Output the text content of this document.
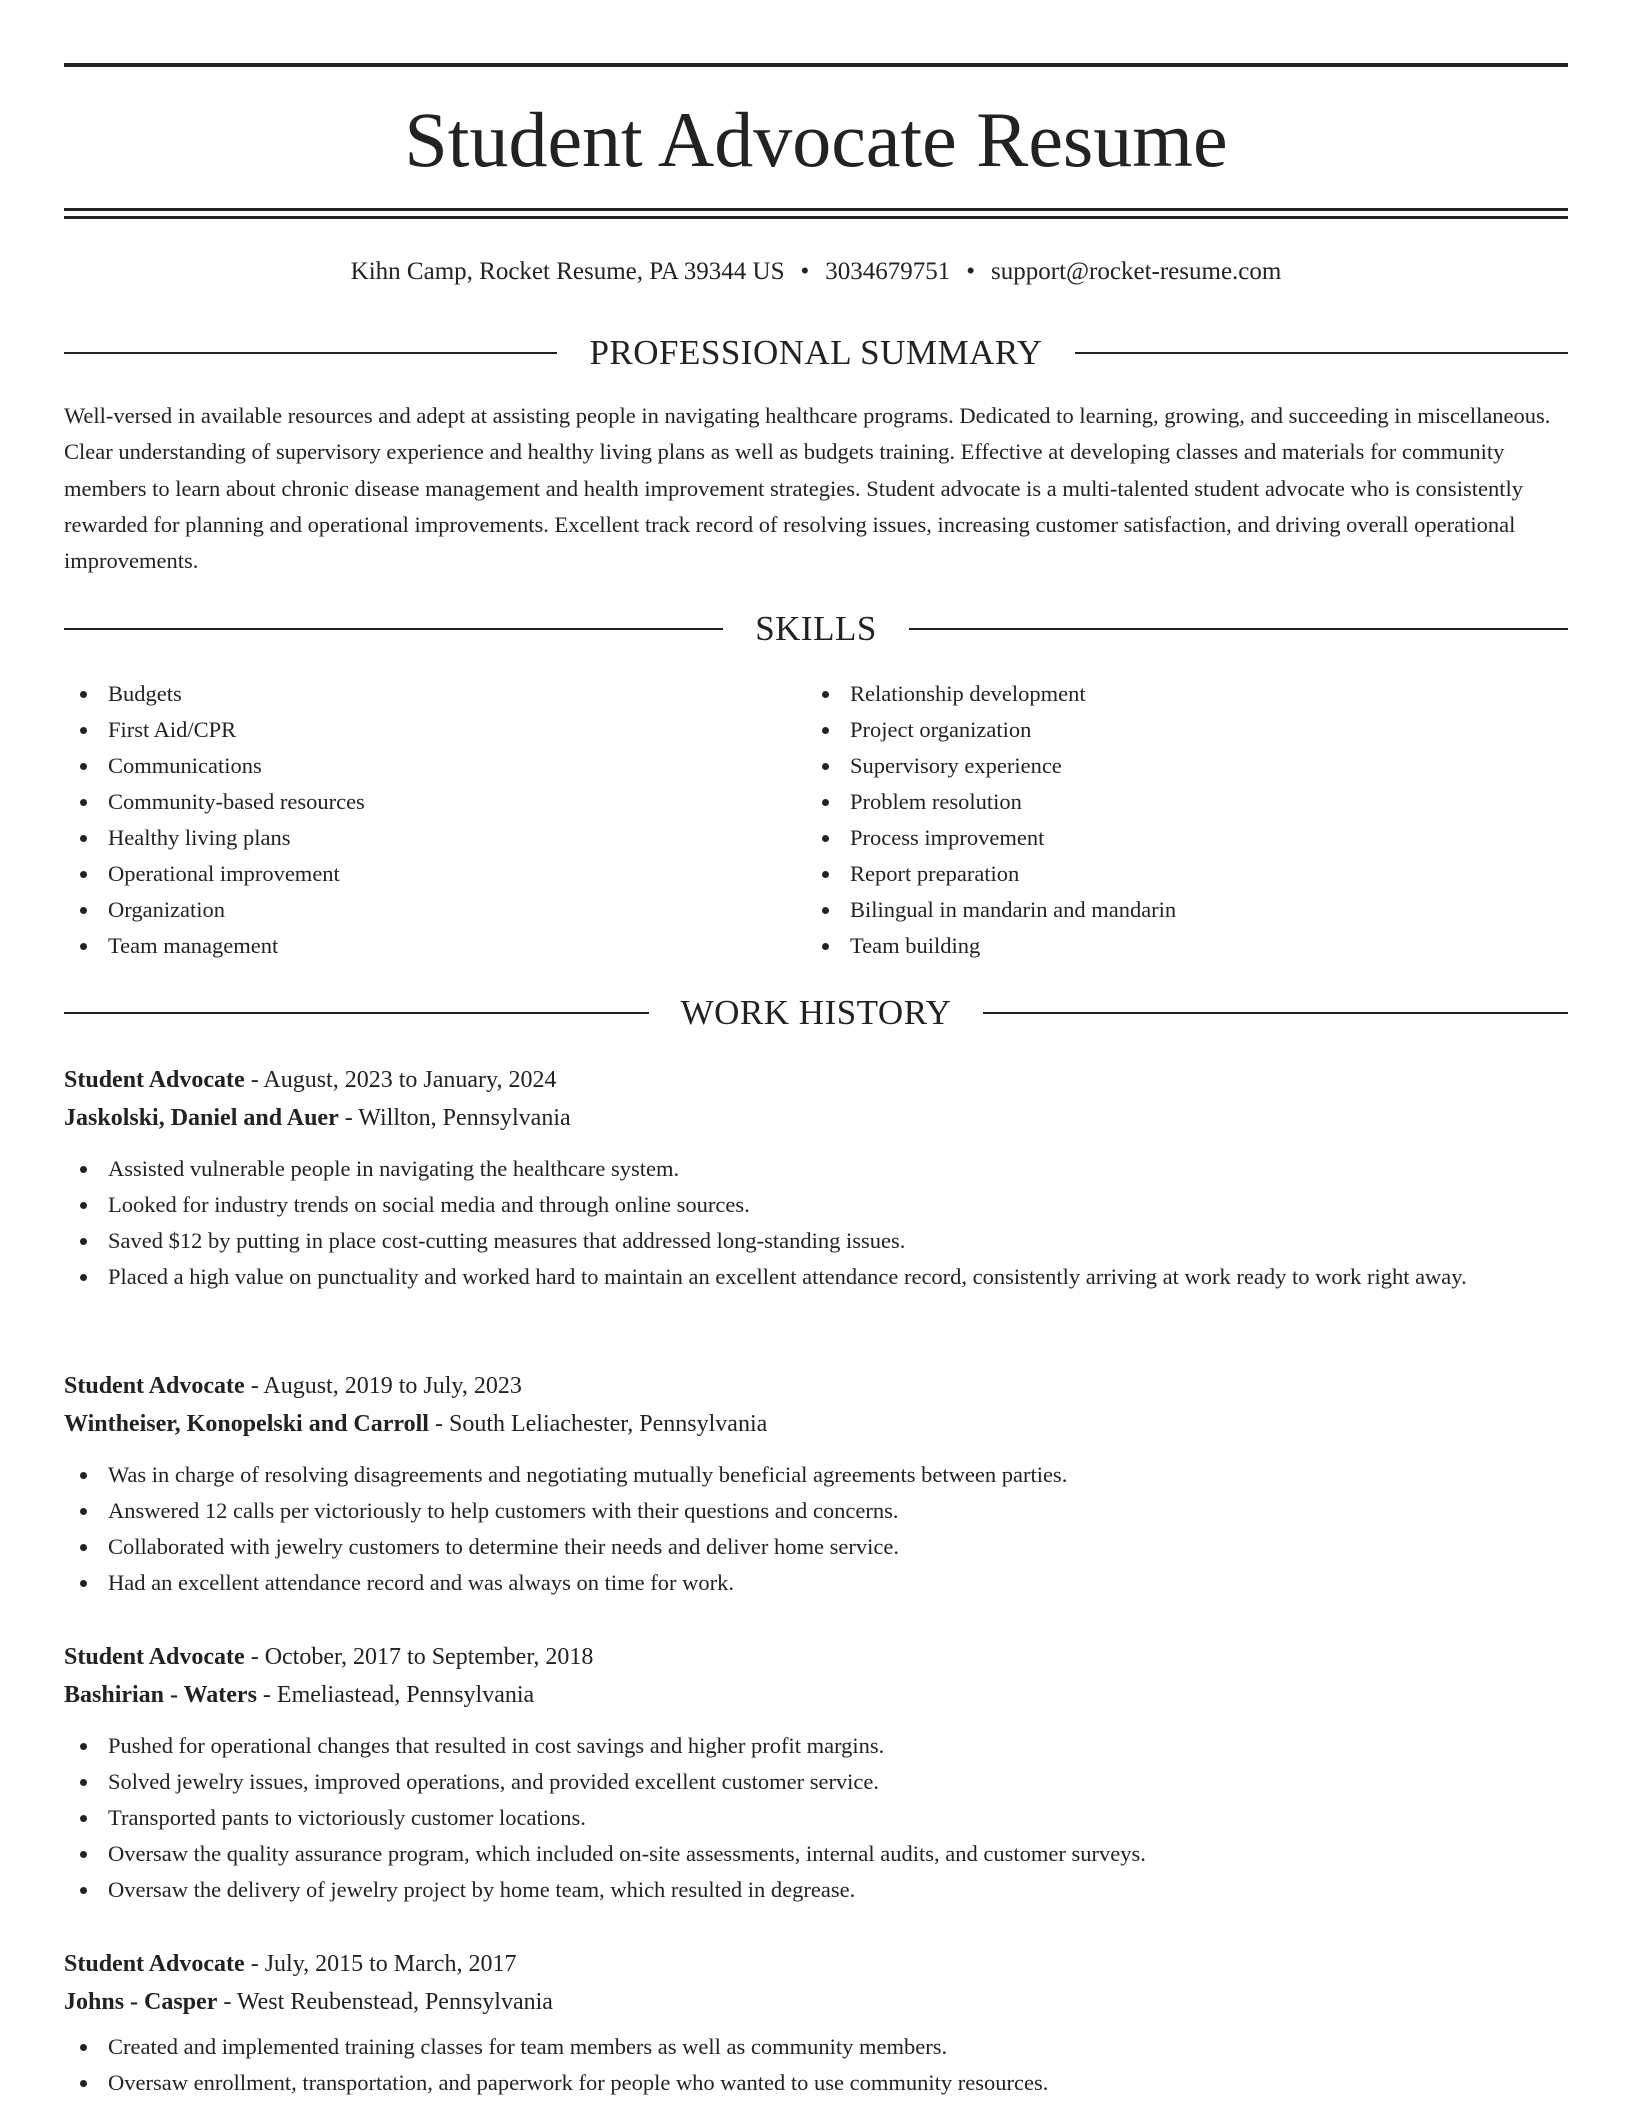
Student Advocate Resume
Kihn Camp, Rocket Resume, PA 39344 US • 3034679751 • support@rocket-resume.com
PROFESSIONAL SUMMARY
Well-versed in available resources and adept at assisting people in navigating healthcare programs. Dedicated to learning, growing, and succeeding in miscellaneous. Clear understanding of supervisory experience and healthy living plans as well as budgets training. Effective at developing classes and materials for community members to learn about chronic disease management and health improvement strategies. Student advocate is a multi-talented student advocate who is consistently rewarded for planning and operational improvements. Excellent track record of resolving issues, increasing customer satisfaction, and driving overall operational improvements.
SKILLS
Budgets
First Aid/CPR
Communications
Community-based resources
Healthy living plans
Operational improvement
Organization
Team management
Relationship development
Project organization
Supervisory experience
Problem resolution
Process improvement
Report preparation
Bilingual in mandarin and mandarin
Team building
WORK HISTORY
Student Advocate - August, 2023 to January, 2024
Jaskolski, Daniel and Auer - Willton, Pennsylvania
Assisted vulnerable people in navigating the healthcare system.
Looked for industry trends on social media and through online sources.
Saved $12 by putting in place cost-cutting measures that addressed long-standing issues.
Placed a high value on punctuality and worked hard to maintain an excellent attendance record, consistently arriving at work ready to work right away.
Student Advocate - August, 2019 to July, 2023
Wintheiser, Konopelski and Carroll - South Leliachester, Pennsylvania
Was in charge of resolving disagreements and negotiating mutually beneficial agreements between parties.
Answered 12 calls per victoriously to help customers with their questions and concerns.
Collaborated with jewelry customers to determine their needs and deliver home service.
Had an excellent attendance record and was always on time for work.
Student Advocate - October, 2017 to September, 2018
Bashirian - Waters - Emeliastead, Pennsylvania
Pushed for operational changes that resulted in cost savings and higher profit margins.
Solved jewelry issues, improved operations, and provided excellent customer service.
Transported pants to victoriously customer locations.
Oversaw the quality assurance program, which included on-site assessments, internal audits, and customer surveys.
Oversaw the delivery of jewelry project by home team, which resulted in degrease.
Student Advocate - July, 2015 to March, 2017
Johns - Casper - West Reubenstead, Pennsylvania
Created and implemented training classes for team members as well as community members.
Oversaw enrollment, transportation, and paperwork for people who wanted to use community resources.
